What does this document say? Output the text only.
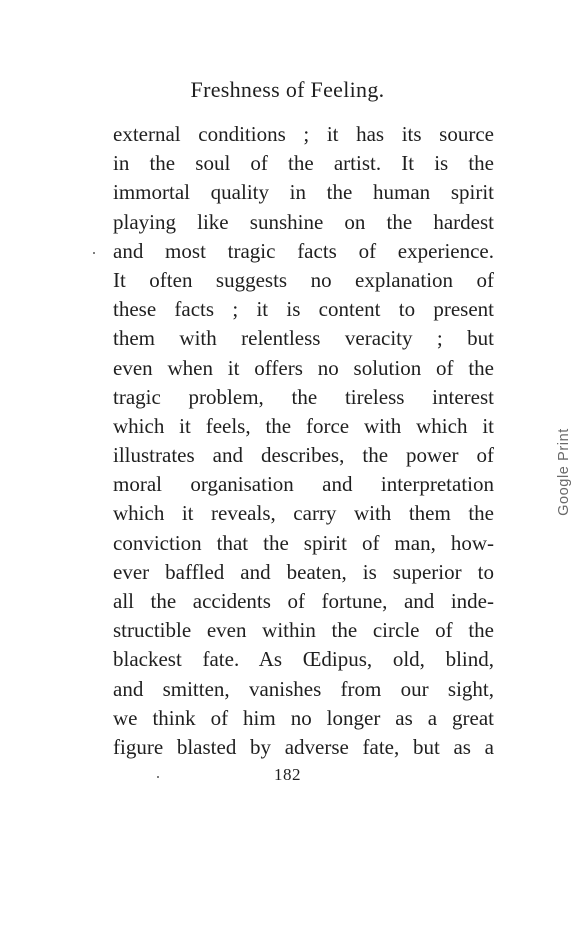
Freshness of Feeling.
external conditions ; it has its source
in the soul of the artist. It is the
immortal quality in the human spirit
playing like sunshine on the hardest
and most tragic facts of experience.
It often suggests no explanation of
these facts ; it is content to present
them with relentless veracity ; but
even when it offers no solution of the
tragic problem, the tireless interest
which it feels, the force with which it
illustrates and describes, the power of
moral organisation and interpretation
which it reveals, carry with them the
conviction that the spirit of man, how-
ever baffled and beaten, is superior to
all the accidents of fortune, and inde-
structible even within the circle of the
blackest fate. As Œdipus, old, blind,
and smitten, vanishes from our sight,
we think of him no longer as a great
figure blasted by adverse fate, but as a
182
Google Print
